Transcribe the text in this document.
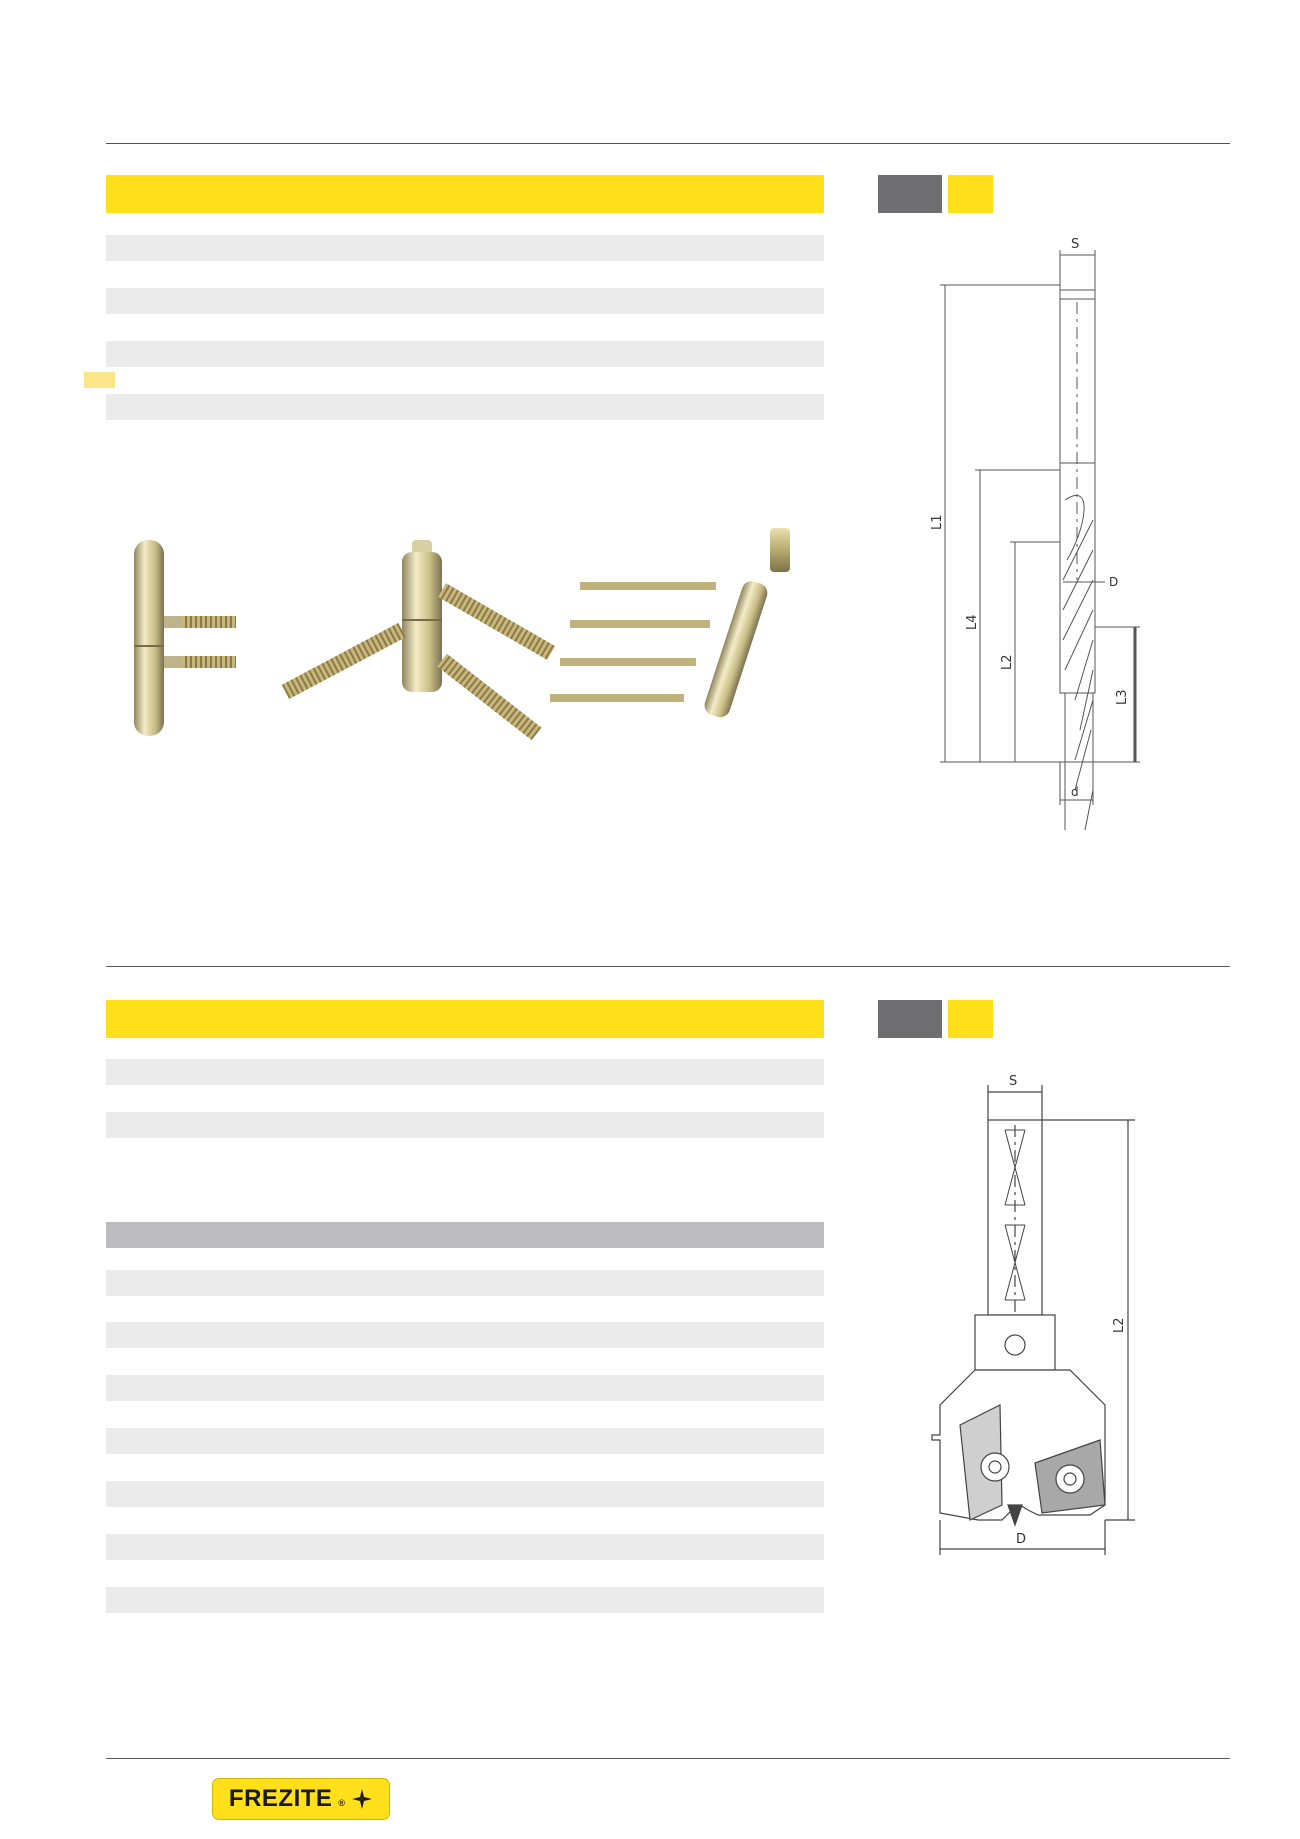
S
L1
L4
L2
D
L3
d
S
L2
D
FREZITE ®
